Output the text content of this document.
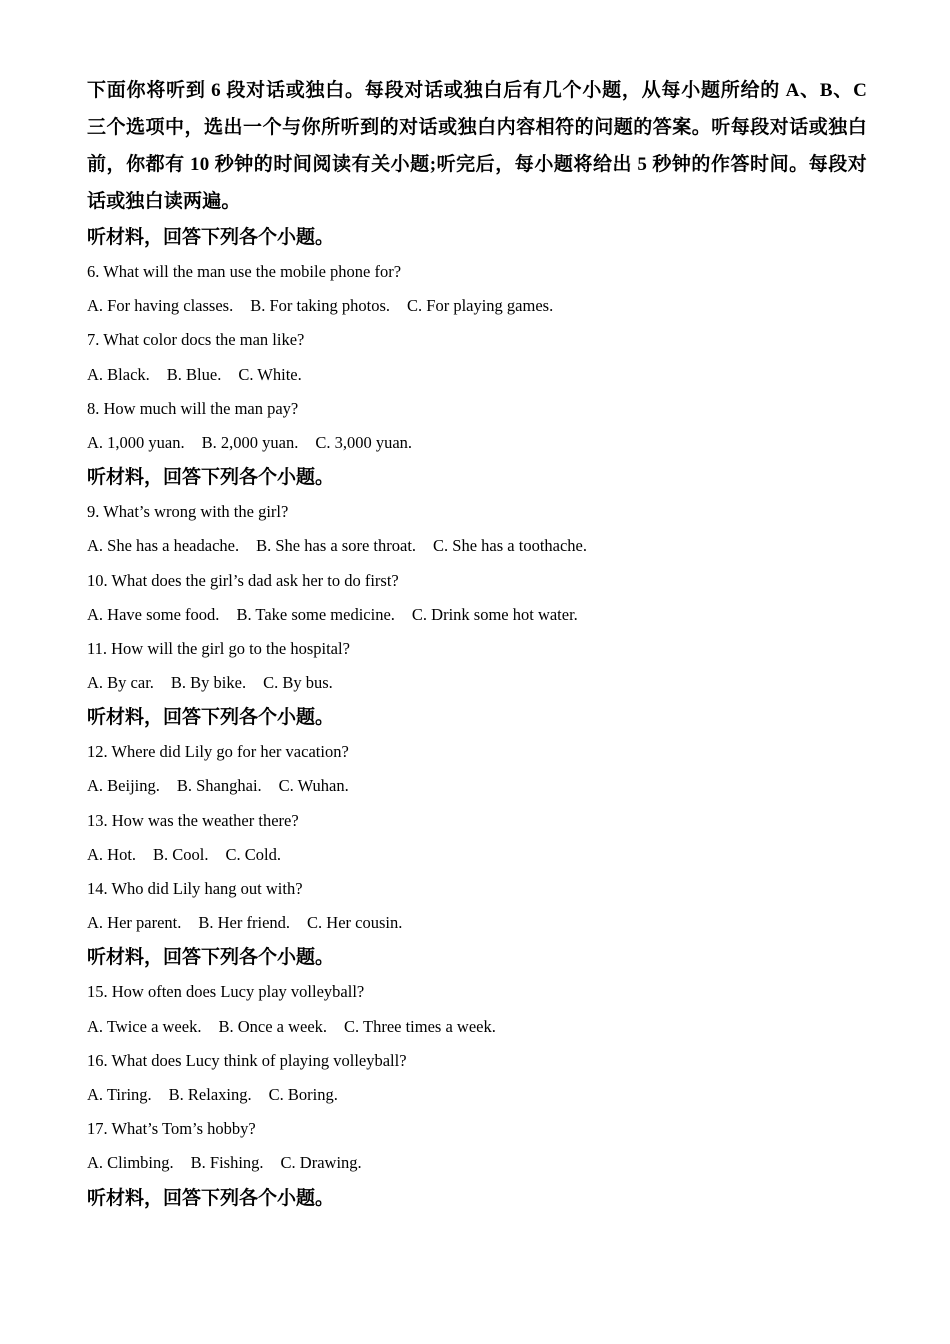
下面你将听到 6 段对话或独白。每段对话或独白后有几个小题，从每小题所给的 A、B、C 三个选项中，选出一个与你所听到的对话或独白内容相符的问题的答案。听每段对话或独白前，你都有 10 秒钟的时间阅读有关小题;听完后，每小题将给出 5 秒钟的作答时间。每段对话或独白读两遍。

听材料，回答下列各个小题。

6. What will the man use the mobile phone for?

A. For having classes. B. For taking photos. C. For playing games.

7. What color docs the man like?

A. Black. B. Blue. C. White.

8. How much will the man pay?

A. 1,000 yuan. B. 2,000 yuan. C. 3,000 yuan.

听材料，回答下列各个小题。

9. What’s wrong with the girl?

A. She has a headache. B. She has a sore throat. C. She has a toothache.

10. What does the girl’s dad ask her to do first?

A. Have some food. B. Take some medicine. C. Drink some hot water.

11. How will the girl go to the hospital?

A. By car. B. By bike. C. By bus.

听材料，回答下列各个小题。

12. Where did Lily go for her vacation?

A. Beijing. B. Shanghai. C. Wuhan.

13. How was the weather there?

A. Hot. B. Cool. C. Cold.

14. Who did Lily hang out with?

A. Her parent. B. Her friend. C. Her cousin.

听材料，回答下列各个小题。

15. How often does Lucy play volleyball?

A. Twice a week. B. Once a week. C. Three times a week.

16. What does Lucy think of playing volleyball?

A. Tiring. B. Relaxing. C. Boring.

17. What’s Tom’s hobby?

A. Climbing. B. Fishing. C. Drawing.

听材料，回答下列各个小题。
